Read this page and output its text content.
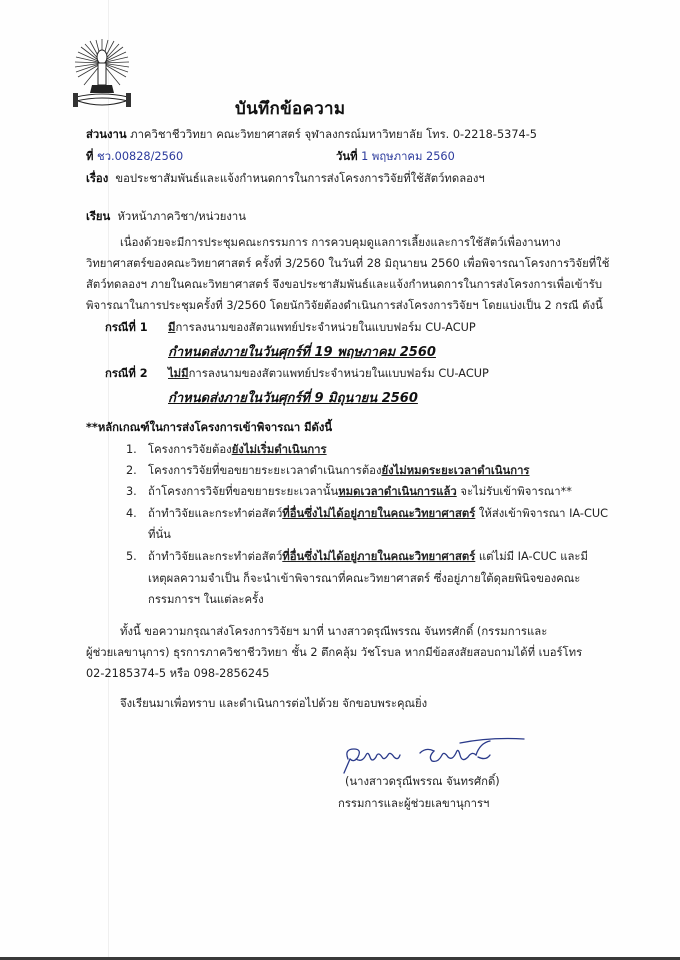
บันทึกข้อความ
ส่วนงาน ภาควิชาชีววิทยา คณะวิทยาศาสตร์ จุฬาลงกรณ์มหาวิทยาลัย โทร. 0-2218-5374-5
ที่ ชว.00828/2560	วันที่ 1 พฤษภาคม 2560
เรื่อง ขอประชาสัมพันธ์และแจ้งกำหนดการในการส่งโครงการวิจัยที่ใช้สัตว์ทดลองฯ
เรียน หัวหน้าภาควิชา/หน่วยงาน
เนื่องด้วยจะมีการประชุมคณะกรรมการ การควบคุมดูแลการเลี้ยงและการใช้สัตว์เพื่องานทาง
วิทยาศาสตร์ของคณะวิทยาศาสตร์ ครั้งที่ 3/2560 ในวันที่ 28 มิถุนายน 2560 เพื่อพิจารณาโครงการวิจัยที่ใช้
สัตว์ทดลองฯ ภายในคณะวิทยาศาสตร์ จึงขอประชาสัมพันธ์และแจ้งกำหนดการในการส่งโครงการเพื่อเข้ารับ
พิจารณาในการประชุมครั้งที่ 3/2560 โดยนักวิจัยต้องดำเนินการส่งโครงการวิจัยฯ โดยแบ่งเป็น 2 กรณี ดังนี้
กรณีที่ 1 มีการลงนามของสัตวแพทย์ประจำหน่วยในแบบฟอร์ม CU-ACUP
กำหนดส่งภายในวันศุกร์ที่ 19 พฤษภาคม 2560
กรณีที่ 2 ไม่มีการลงนามของสัตวแพทย์ประจำหน่วยในแบบฟอร์ม CU-ACUP
กำหนดส่งภายในวันศุกร์ที่ 9 มิถุนายน 2560
**หลักเกณฑ์ในการส่งโครงการเข้าพิจารณา มีดังนี้
1. โครงการวิจัยต้องยังไม่เริ่มดำเนินการ
2. โครงการวิจัยที่ขอขยายระยะเวลาดำเนินการต้องยังไม่หมดระยะเวลาดำเนินการ
3. ถ้าโครงการวิจัยที่ขอขยายระยะเวลานั้นหมดเวลาดำเนินการแล้ว จะไม่รับเข้าพิจารณา**
4. ถ้าทำวิจัยและกระทำต่อสัตว์ที่อื่นซึ่งไม่ได้อยู่ภายในคณะวิทยาศาสตร์ ให้ส่งเข้าพิจารณา IA-CUC
ที่นั่น
5. ถ้าทำวิจัยและกระทำต่อสัตว์ที่อื่นซึ่งไม่ได้อยู่ภายในคณะวิทยาศาสตร์ แต่ไม่มี IA-CUC และมี
เหตุผลความจำเป็น ก็จะนำเข้าพิจารณาที่คณะวิทยาศาสตร์ ซึ่งอยู่ภายใต้ดุลยพินิจของคณะ
กรรมการฯ ในแต่ละครั้ง
ทั้งนี้ ขอความกรุณาส่งโครงการวิจัยฯ มาที่ นางสาวดรุณีพรรณ จันทรศักดิ์ (กรรมการและ
ผู้ช่วยเลขานุการ) ธุรการภาควิชาชีววิทยา ชั้น 2 ตึกคลุ้ม วัชโรบล หากมีข้อสงสัยสอบถามได้ที่ เบอร์โทร
02-2185374-5 หรือ 098-2856245
จึงเรียนมาเพื่อทราบ และดำเนินการต่อไปด้วย จักขอบพระคุณยิ่ง
(นางสาวดรุณีพรรณ จันทรศักดิ์)
กรรมการและผู้ช่วยเลขานุการฯ
